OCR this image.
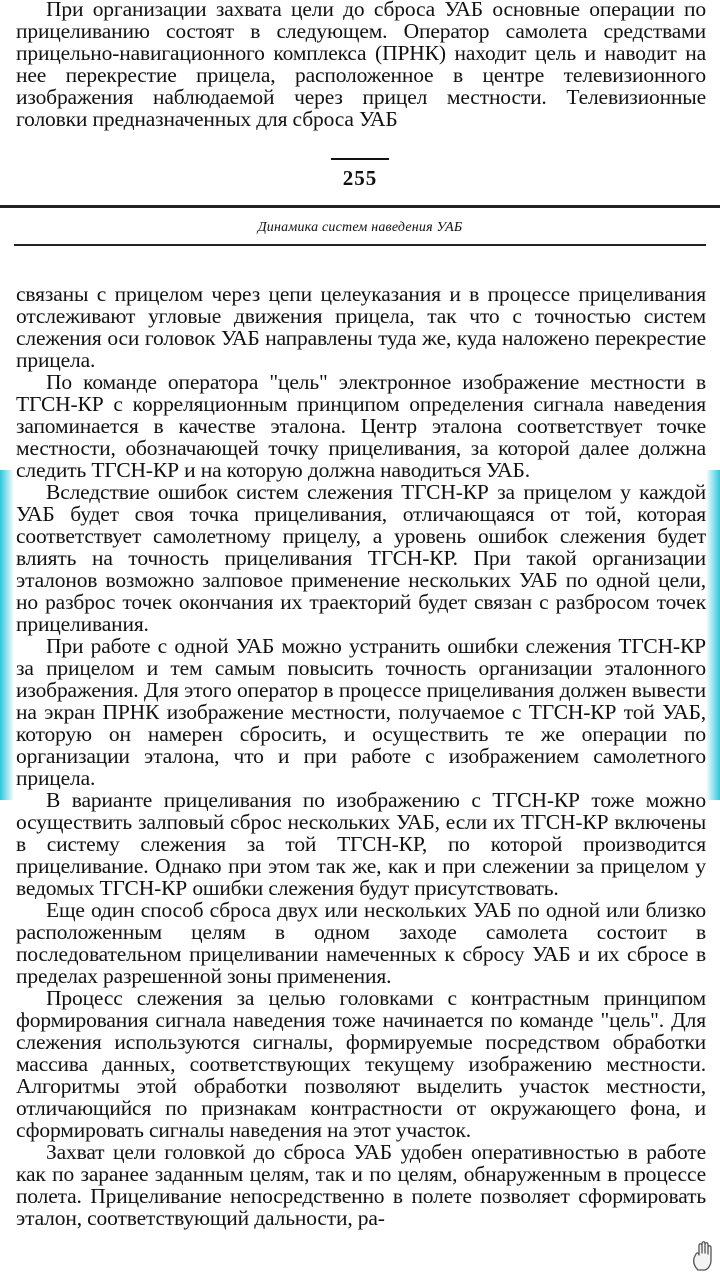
При организации захвата цели до сброса УАБ основные операции по прицеливанию состоят в следующем. Оператор самолета средствами прицельно-навигационного комплекса (ПРНК) находит цель и наводит на нее перекрестие прицела, расположенное в центре телевизионного изображения наблюдаемой через прицел местности. Телевизионные головки предназначенных для сброса УАБ

255
Динамика систем наведения УАБ

связаны с прицелом через цепи целеуказания и в процессе прицеливания отслеживают угловые движения прицела, так что с точностью систем слежения оси головок УАБ направлены туда же, куда наложено перекрестие прицела.

По команде оператора "цель" электронное изображение местности в ТГСН-КР с корреляционным принципом определения сигнала наведения запоминается в качестве эталона. Центр эталона соответствует точке местности, обозначающей точку прицеливания, за которой далее должна следить ТГСН-КР и на которую должна наводиться УАБ.

Вследствие ошибок систем слежения ТГСН-КР за прицелом у каждой УАБ будет своя точка прицеливания, отличающаяся от той, которая соответствует самолетному прицелу, а уровень ошибок слежения будет влиять на точность прицеливания ТГСН-КР. При такой организации эталонов возможно залповое применение нескольких УАБ по одной цели, но разброс точек окончания их траекторий будет связан с разбросом точек прицеливания.

При работе с одной УАБ можно устранить ошибки слежения ТГСН-КР за прицелом и тем самым повысить точность организации эталонного изображения. Для этого оператор в процессе прицеливания должен вывести на экран ПРНК изображение местности, получаемое с ТГСН-КР той УАБ, которую он намерен сбросить, и осуществить те же операции по организации эталона, что и при работе с изображением самолетного прицела.

В варианте прицеливания по изображению с ТГСН-КР тоже можно осуществить залповый сброс нескольких УАБ, если их ТГСН-КР включены в систему слежения за той ТГСН-КР, по которой производится прицеливание. Однако при этом так же, как и при слежении за прицелом у ведомых ТГСН-КР ошибки слежения будут присутствовать.

Еще один способ сброса двух или нескольких УАБ по одной или близко расположенным целям в одном заходе самолета состоит в последовательном прицеливании намеченных к сбросу УАБ и их сбросе в пределах разрешенной зоны применения.

Процесс слежения за целью головками с контрастным принципом формирования сигнала наведения тоже начинается по команде "цель". Для слежения используются сигналы, формируемые посредством обработки массива данных, соответствующих текущему изображению местности. Алгоритмы этой обработки позволяют выделить участок местности, отличающийся по признакам контрастности от окружающего фона, и сформировать сигналы наведения на этот участок.

Захват цели головкой до сброса УАБ удобен оперативностью в работе как по заранее заданным целям, так и по целям, обнаруженным в процессе полета. Прицеливание непосредственно в полете позволяет сформировать эталон, соответствующий дальности, ра-
